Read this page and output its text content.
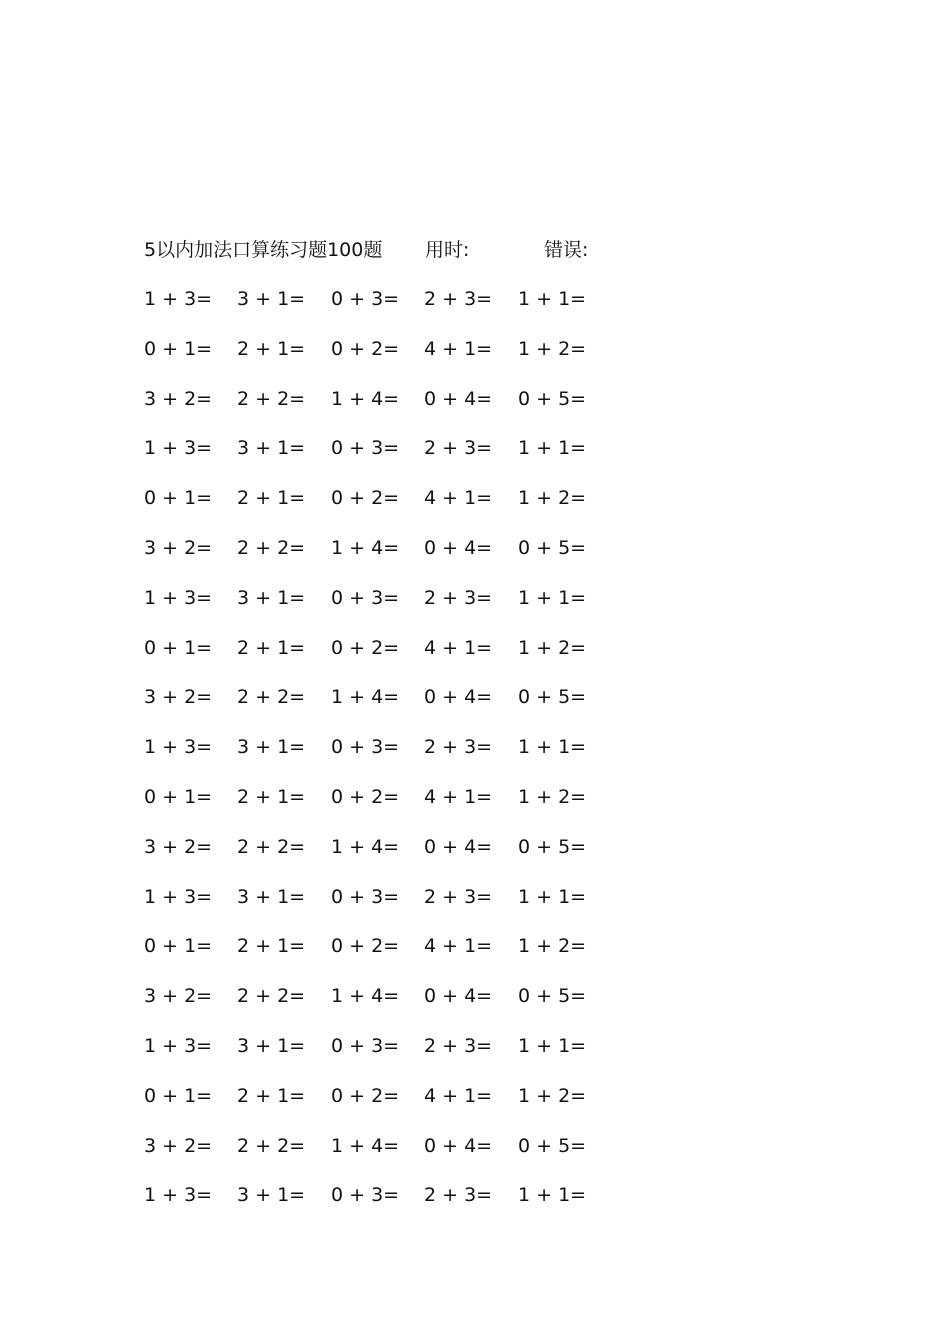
5以内加法口算练习题100题 用时:	错误:
1 + 3= 3 + 1= 0 + 3= 2 + 3= 1 + 1=
0 + 1= 2 + 1= 0 + 2= 4 + 1= 1 + 2=
3 + 2= 2 + 2= 1 + 4= 0 + 4= 0 + 5=
1 + 3= 3 + 1= 0 + 3= 2 + 3= 1 + 1=
0 + 1= 2 + 1= 0 + 2= 4 + 1= 1 + 2=
3 + 2= 2 + 2= 1 + 4= 0 + 4= 0 + 5=
1 + 3= 3 + 1= 0 + 3= 2 + 3= 1 + 1=
0 + 1= 2 + 1= 0 + 2= 4 + 1= 1 + 2=
3 + 2= 2 + 2= 1 + 4= 0 + 4= 0 + 5=
1 + 3= 3 + 1= 0 + 3= 2 + 3= 1 + 1=
0 + 1= 2 + 1= 0 + 2= 4 + 1= 1 + 2=
3 + 2= 2 + 2= 1 + 4= 0 + 4= 0 + 5=
1 + 3= 3 + 1= 0 + 3= 2 + 3= 1 + 1=
0 + 1= 2 + 1= 0 + 2= 4 + 1= 1 + 2=
3 + 2= 2 + 2= 1 + 4= 0 + 4= 0 + 5=
1 + 3= 3 + 1= 0 + 3= 2 + 3= 1 + 1=
0 + 1= 2 + 1= 0 + 2= 4 + 1= 1 + 2=
3 + 2= 2 + 2= 1 + 4= 0 + 4= 0 + 5=
1 + 3= 3 + 1= 0 + 3= 2 + 3= 1 + 1=
